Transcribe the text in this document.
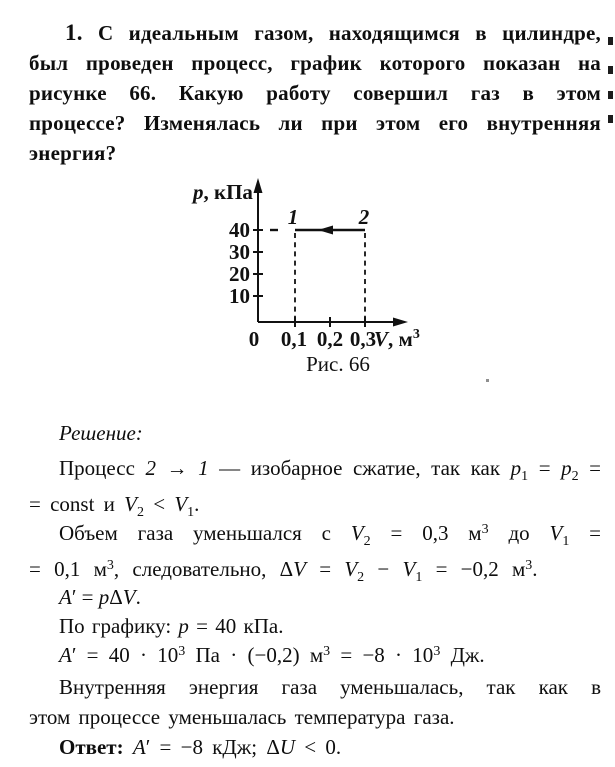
1. С идеальным газом, находящимся в цилиндре,
был проведен процесс, график которого показан на
рисунке 66. Какую работу совершил газ в этом
процессе? Изменялась ли при этом его внутренняя
энергия?
p, кПа
40
30
20
10
0 0,1 0,2 0,3
V, $м^3$
1	2
Рис. 66
Решение:
Процесс 2 → 1 — изобарное сжатие, так как $p_1 = p_2$ =
= const и $V_2 < V_1$.
Объем газа уменьшался с $V_2 = 0,3$ $м^3$ до $V_1$ =
= 0,1 $м^3$, следовательно, $\Delta V = V_2 - V_1 = -0,2$ $м^3$.
A′ = pΔV.
По графику: p = 40 кПа.
$A' = 40 \cdot 10^3$ Па · (−0,2) $м^3 = -8 \cdot 10^3$ Дж.
Внутренняя энергия газа уменьшалась, так как в
этом процессе уменьшалась температура газа.
Ответ: A′ = −8 кДж; ΔU < 0.
